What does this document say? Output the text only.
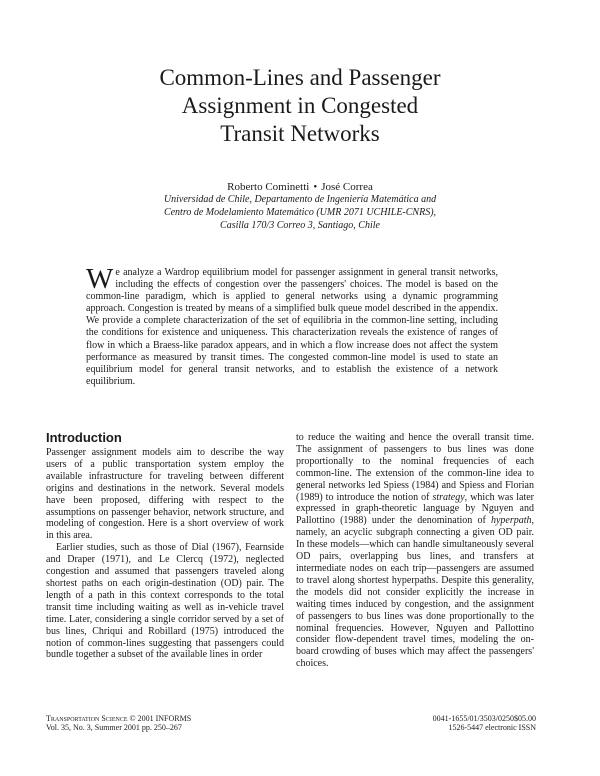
Common-Lines and Passenger
Assignment in Congested
Transit Networks
Roberto Cominetti • José Correa
Universidad de Chile, Departamento de Ingeniería Matemática and
Centro de Modelamiento Matemático (UMR 2071 UCHILE-CNRS),
Casilla 170/3 Correo 3, Santiago, Chile

We analyze a Wardrop equilibrium model for passenger assignment in general transit networks, including the effects of congestion over the passengers' choices. The model is based on the common-line paradigm, which is applied to general networks using a dynamic programming approach. Congestion is treated by means of a simplified bulk queue model described in the appendix. We provide a complete characterization of the set of equilibria in the common-line setting, including the conditions for existence and uniqueness. This characterization reveals the existence of ranges of flow in which a Braess-like paradox appears, and in which a flow increase does not affect the system performance as measured by transit times. The congested common-line model is used to state an equilibrium model for general transit networks, and to establish the existence of a network equilibrium.

Introduction

Passenger assignment models aim to describe the way users of a public transportation system employ the available infrastructure for traveling between different origins and destinations in the network. Several models have been proposed, differing with respect to the assumptions on passenger behavior, network structure, and modeling of congestion. Here is a short overview of work in this area.

Earlier studies, such as those of Dial (1967), Fearnside and Draper (1971), and Le Clercq (1972), neglected congestion and assumed that passengers traveled along shortest paths on each origin-destination (OD) pair. The length of a path in this context corresponds to the total transit time including waiting as well as in-vehicle travel time. Later, considering a single corridor served by a set of bus lines, Chriqui and Robillard (1975) introduced the notion of common-lines suggesting that passengers could bundle together a subset of the available lines in order

to reduce the waiting and hence the overall transit time. The assignment of passengers to bus lines was done proportionally to the nominal frequencies of each common-line. The extension of the common-line idea to general networks led Spiess (1984) and Spiess and Florian (1989) to introduce the notion of strategy, which was later expressed in graph-theoretic language by Nguyen and Pallottino (1988) under the denomination of hyperpath, namely, an acyclic subgraph connecting a given OD pair. In these models—which can handle simultaneously several OD pairs, overlapping bus lines, and transfers at intermediate nodes on each trip—passengers are assumed to travel along shortest hyperpaths. Despite this generality, the models did not consider explicitly the increase in waiting times induced by congestion, and the assignment of passengers to bus lines was done proportionally to the nominal frequencies. However, Nguyen and Pallottino consider flow-dependent travel times, modeling the on-board crowding of buses which may affect the passengers' choices.

Transportation Science © 2001 INFORMS
Vol. 35, No. 3, Summer 2001 pp. 250–267
0041-1655/01/3503/0250$05.00
1526-5447 electronic ISSN
